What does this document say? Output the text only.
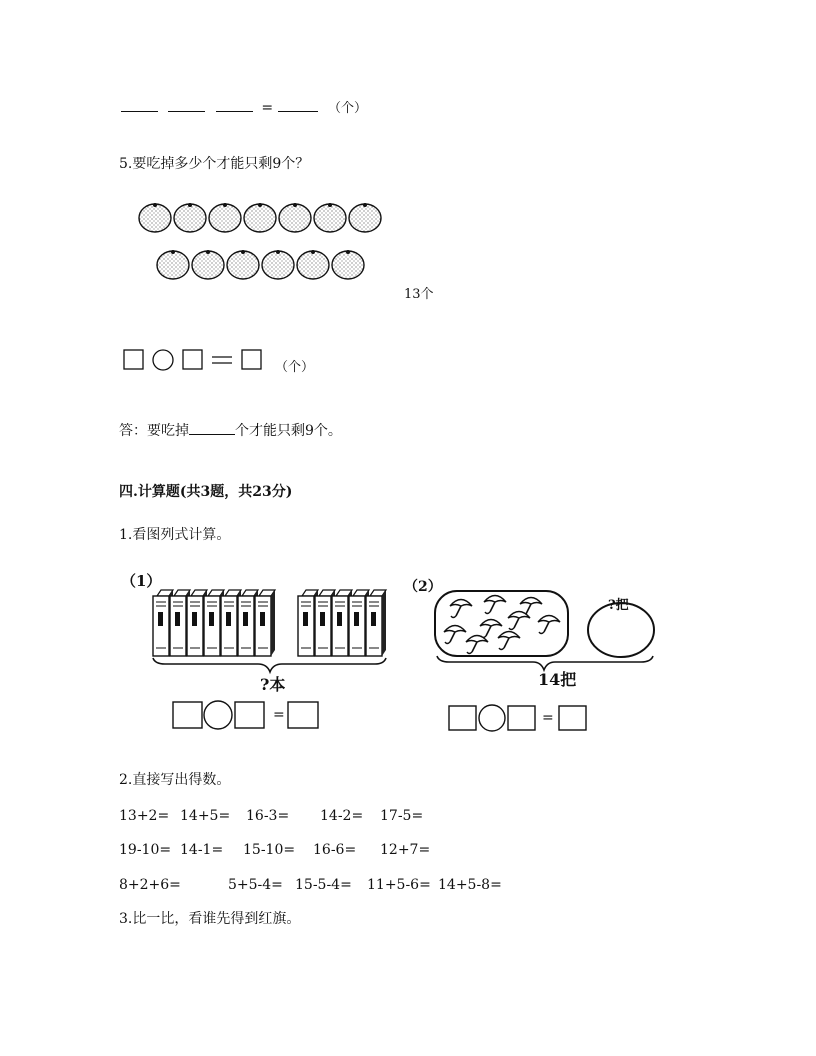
=	（个）
5.要吃掉多少个才能只剩9个？
13个
（个）
答：要吃掉	个才能只剩9个。
四.计算题(共3题，共23分)
1.看图列式计算。
（1）
?本
=
（2）
?把
14把
=
2.直接写出得数。
13+2= 14+5= 16-3= 14-2= 17-5=
19-10= 14-1= 15-10= 16-6= 12+7=
8+2+6=	5+5-4= 15-5-4= 11+5-6= 14+5-8=
3.比一比，看谁先得到红旗。
